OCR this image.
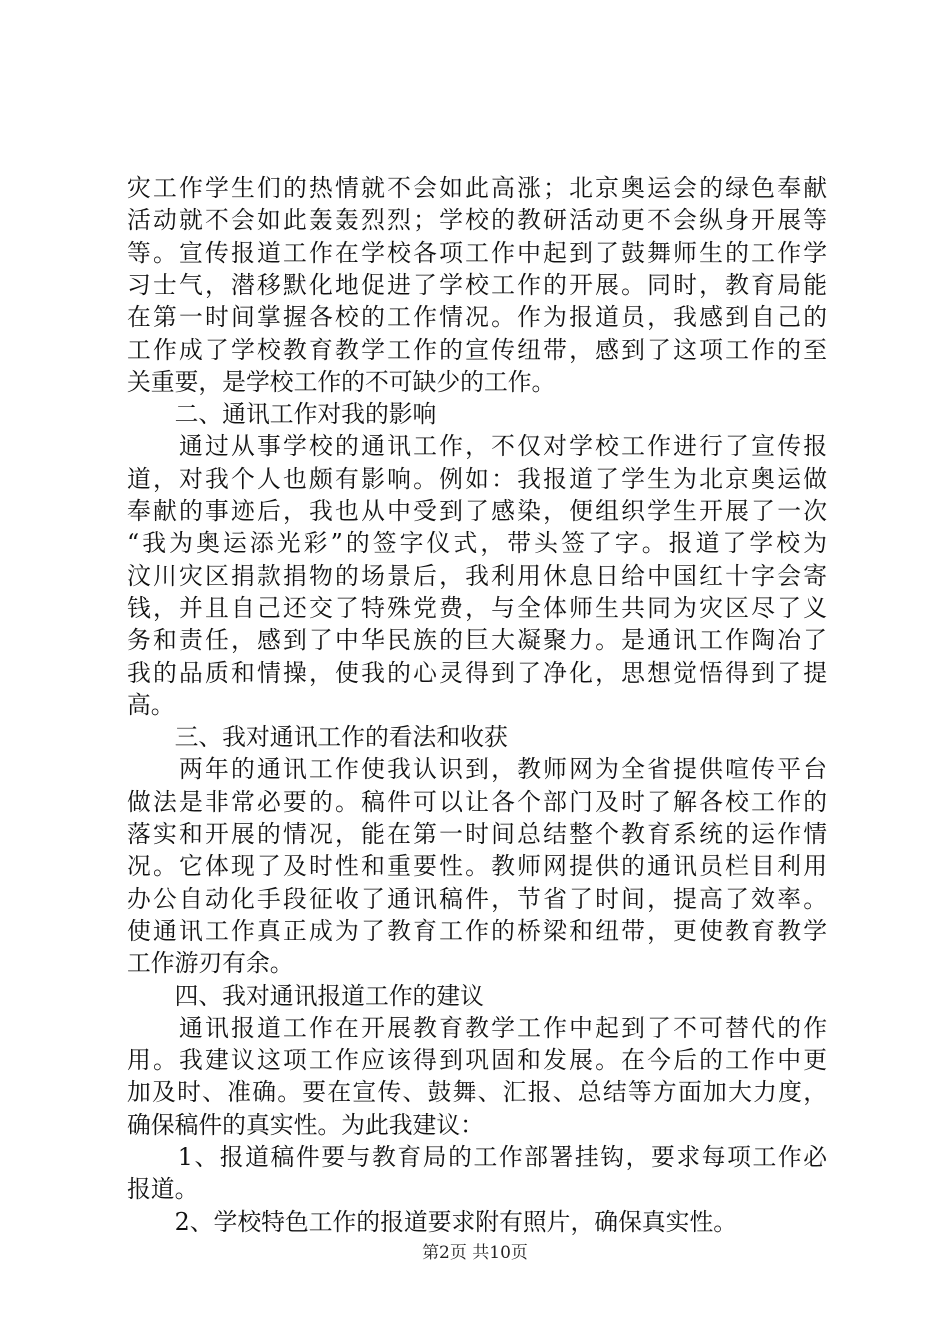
灾工作学生们的热情就不会如此高涨；北京奥运会的绿色奉献
活动就不会如此轰轰烈烈；学校的教研活动更不会纵身开展等
等。宣传报道工作在学校各项工作中起到了鼓舞师生的工作学
习士气，潜移默化地促进了学校工作的开展。同时，教育局能
在第一时间掌握各校的工作情况。作为报道员，我感到自己的
工作成了学校教育教学工作的宣传纽带，感到了这项工作的至
关重要，是学校工作的不可缺少的工作。
　　二、通讯工作对我的影响
　　通过从事学校的通讯工作，不仅对学校工作进行了宣传报
道，对我个人也颇有影响。例如：我报道了学生为北京奥运做
奉献的事迹后，我也从中受到了感染，便组织学生开展了一次
“我为奥运添光彩”的签字仪式，带头签了字。报道了学校为
汶川灾区捐款捐物的场景后，我利用休息日给中国红十字会寄
钱，并且自己还交了特殊党费，与全体师生共同为灾区尽了义
务和责任，感到了中华民族的巨大凝聚力。是通讯工作陶冶了
我的品质和情操，使我的心灵得到了净化，思想觉悟得到了提
高。
　　三、我对通讯工作的看法和收获
　　两年的通讯工作使我认识到，教师网为全省提供喧传平台
做法是非常必要的。稿件可以让各个部门及时了解各校工作的
落实和开展的情况，能在第一时间总结整个教育系统的运作情
况。它体现了及时性和重要性。教师网提供的通讯员栏目利用
办公自动化手段征收了通讯稿件，节省了时间，提高了效率。
使通讯工作真正成为了教育工作的桥梁和纽带，更使教育教学
工作游刃有余。
　　四、我对通讯报道工作的建议
　　通讯报道工作在开展教育教学工作中起到了不可替代的作
用。我建议这项工作应该得到巩固和发展。在今后的工作中更
加及时、准确。要在宣传、鼓舞、汇报、总结等方面加大力度，
确保稿件的真实性。为此我建议：
　　1、报道稿件要与教育局的工作部署挂钩，要求每项工作必
报道。
　　2、学校特色工作的报道要求附有照片，确保真实性。
第2页 共10页
